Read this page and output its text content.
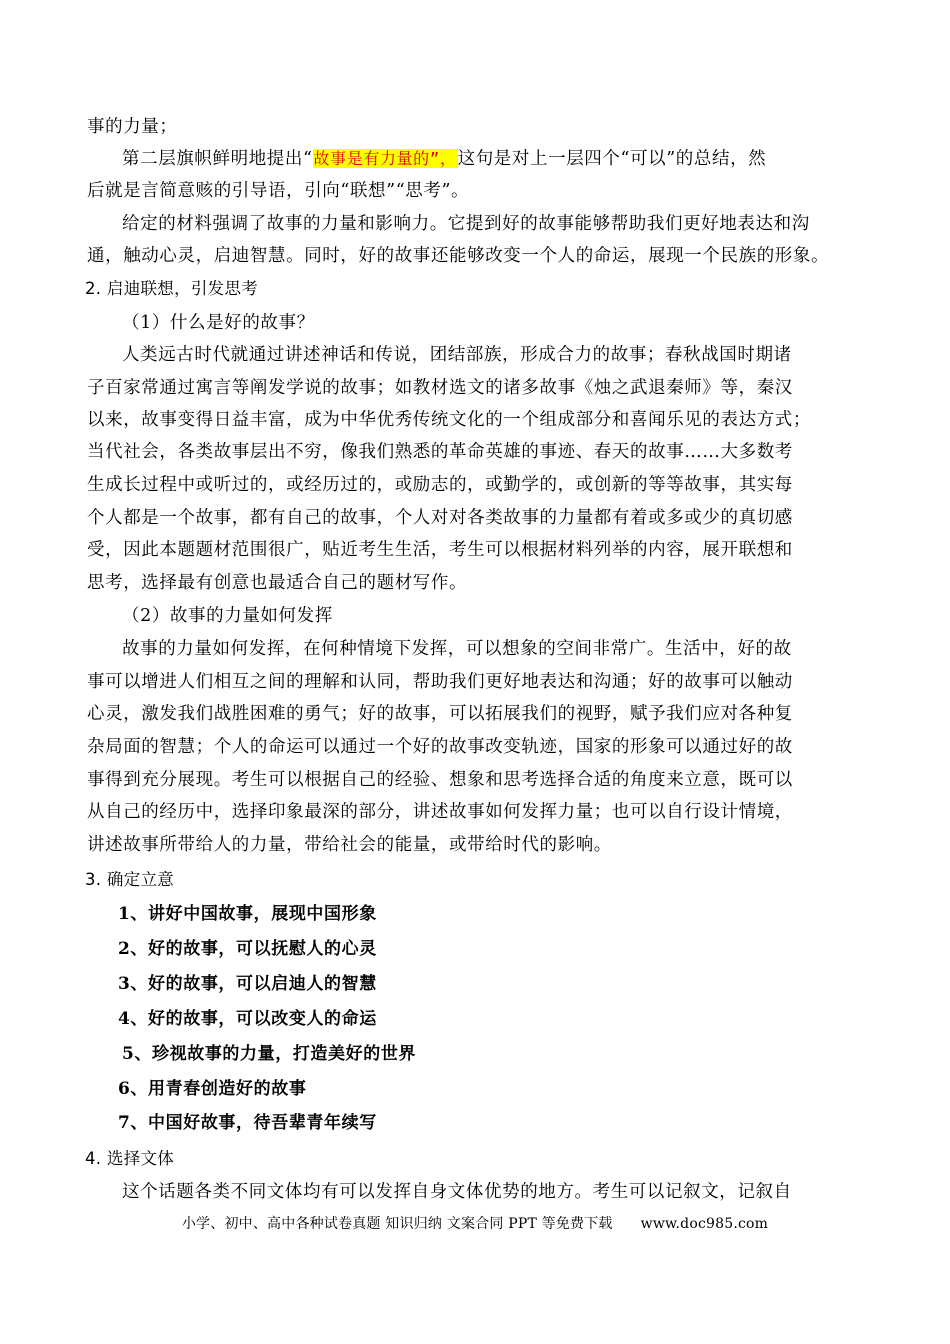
事的力量；
第二层旗帜鲜明地提出“故事是有力量的”，这句是对上一层四个“可以”的总结，然
后就是言简意赅的引导语，引向“联想”“思考”。
给定的材料强调了故事的力量和影响力。它提到好的故事能够帮助我们更好地表达和沟
通，触动心灵，启迪智慧。同时，好的故事还能够改变一个人的命运，展现一个民族的形象。
2. 启迪联想，引发思考
（1）什么是好的故事？
人类远古时代就通过讲述神话和传说，团结部族，形成合力的故事；春秋战国时期诸
子百家常通过寓言等阐发学说的故事；如教材选文的诸多故事《烛之武退秦师》等，秦汉
以来，故事变得日益丰富，成为中华优秀传统文化的一个组成部分和喜闻乐见的表达方式；
当代社会，各类故事层出不穷，像我们熟悉的革命英雄的事迹、春天的故事……大多数考
生成长过程中或听过的，或经历过的，或励志的，或勤学的，或创新的等等故事，其实每
个人都是一个故事，都有自己的故事，个人对对各类故事的力量都有着或多或少的真切感
受，因此本题题材范围很广，贴近考生生活，考生可以根据材料列举的内容，展开联想和
思考，选择最有创意也最适合自己的题材写作。
（2）故事的力量如何发挥
故事的力量如何发挥，在何种情境下发挥，可以想象的空间非常广。生活中，好的故
事可以增进人们相互之间的理解和认同，帮助我们更好地表达和沟通；好的故事可以触动
心灵，激发我们战胜困难的勇气；好的故事，可以拓展我们的视野，赋予我们应对各种复
杂局面的智慧；个人的命运可以通过一个好的故事改变轨迹，国家的形象可以通过好的故
事得到充分展现。考生可以根据自己的经验、想象和思考选择合适的角度来立意，既可以
从自己的经历中，选择印象最深的部分，讲述故事如何发挥力量；也可以自行设计情境，
讲述故事所带给人的力量，带给社会的能量，或带给时代的影响。
3. 确定立意
1、讲好中国故事，展现中国形象
2、好的故事，可以抚慰人的心灵
3、好的故事，可以启迪人的智慧
4、好的故事，可以改变人的命运
5、珍视故事的力量，打造美好的世界
6、用青春创造好的故事
7、中国好故事，待吾辈青年续写
4. 选择文体
这个话题各类不同文体均有可以发挥自身文体优势的地方。考生可以记叙文，记叙自
小学、初中、高中各种试卷真题 知识归纳 文案合同 PPT 等免费下载 www.doc985.com
